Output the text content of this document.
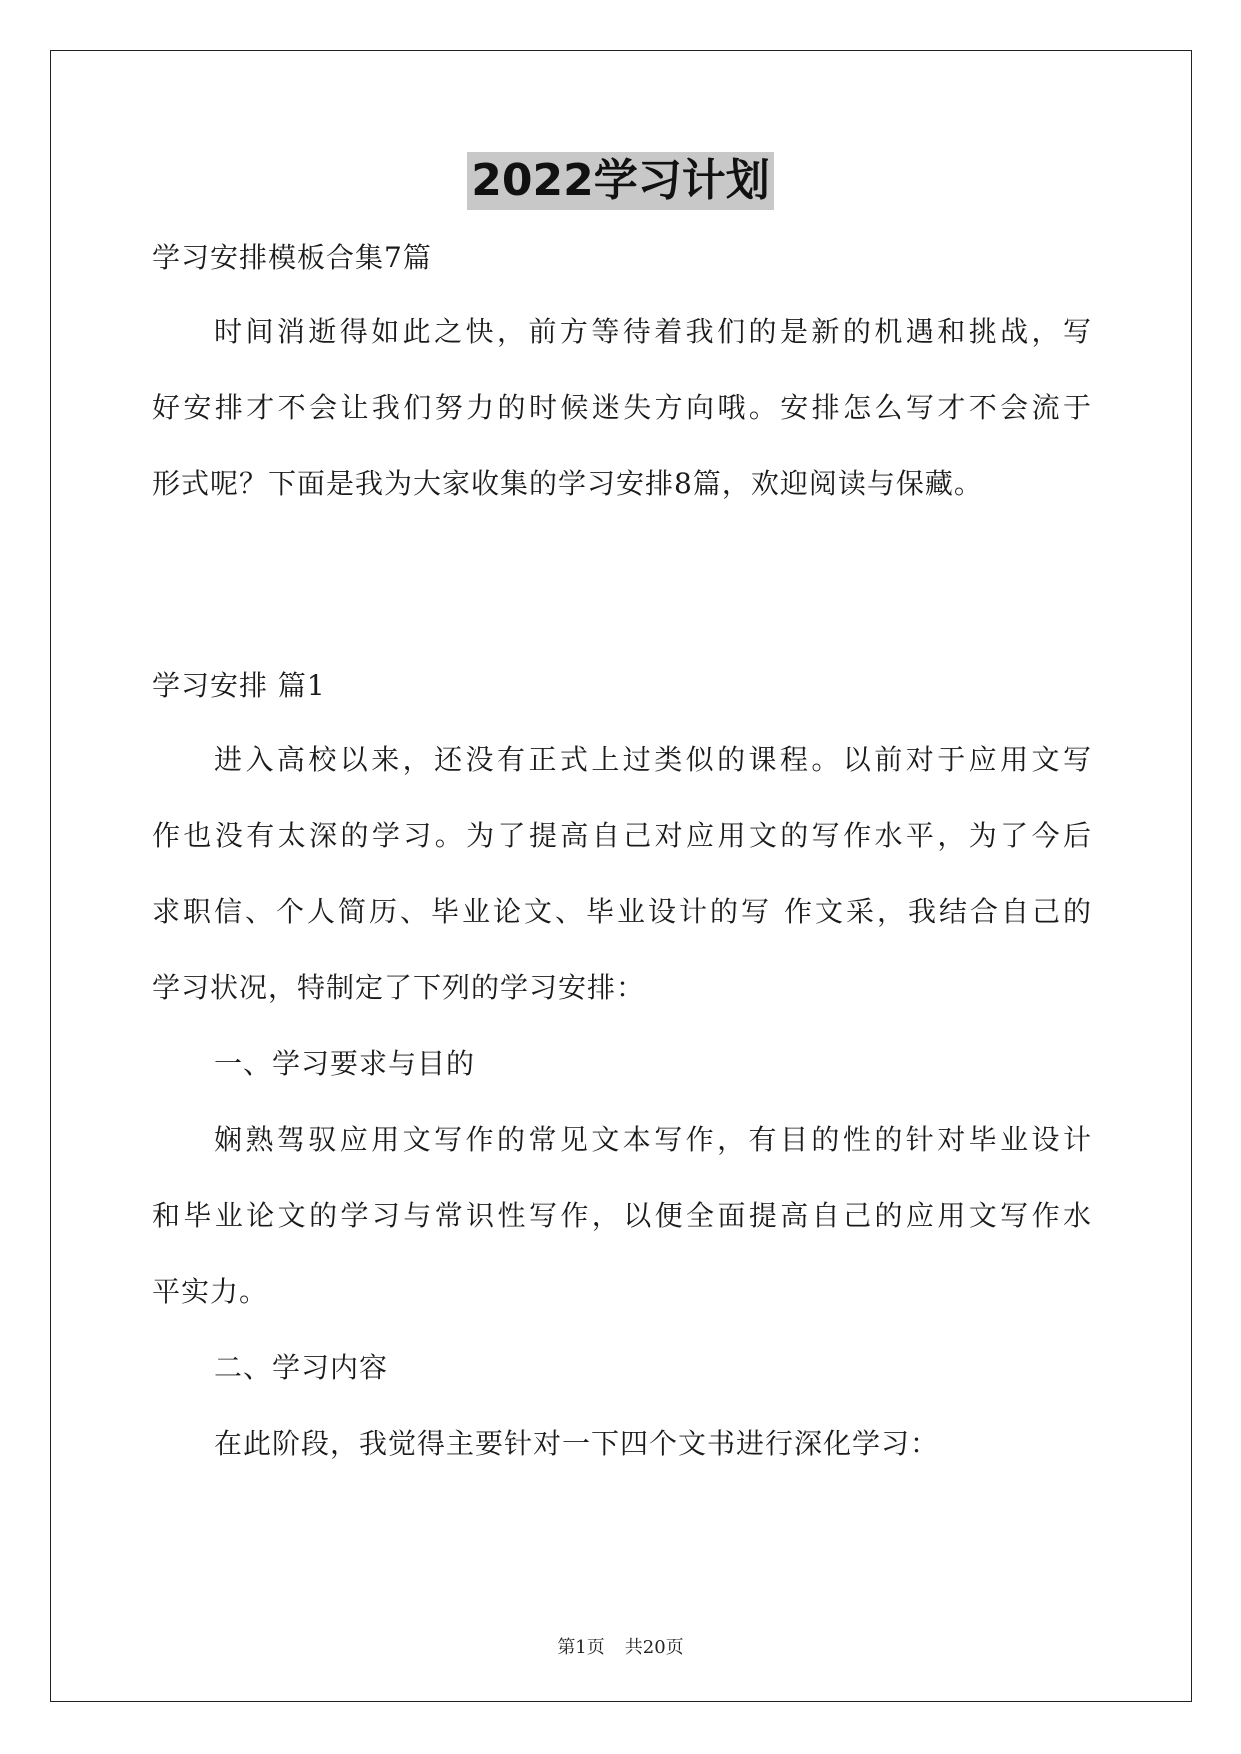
2022学习计划
学习安排模板合集7篇
时间消逝得如此之快，前方等待着我们的是新的机遇和挑战，写
好安排才不会让我们努力的时候迷失方向哦。安排怎么写才不会流于
形式呢？下面是我为大家收集的学习安排8篇，欢迎阅读与保藏。
学习安排 篇1
进入高校以来，还没有正式上过类似的课程。以前对于应用文写
作也没有太深的学习。为了提高自己对应用文的写作水平，为了今后
求职信、个人简历、毕业论文、毕业设计的写 作文采，我结合自己的
学习状况，特制定了下列的学习安排：
一、学习要求与目的
娴熟驾驭应用文写作的常见文本写作，有目的性的针对毕业设计
和毕业论文的学习与常识性写作，以便全面提高自己的应用文写作水
平实力。
二、学习内容
在此阶段，我觉得主要针对一下四个文书进行深化学习：
第1页 共20页
